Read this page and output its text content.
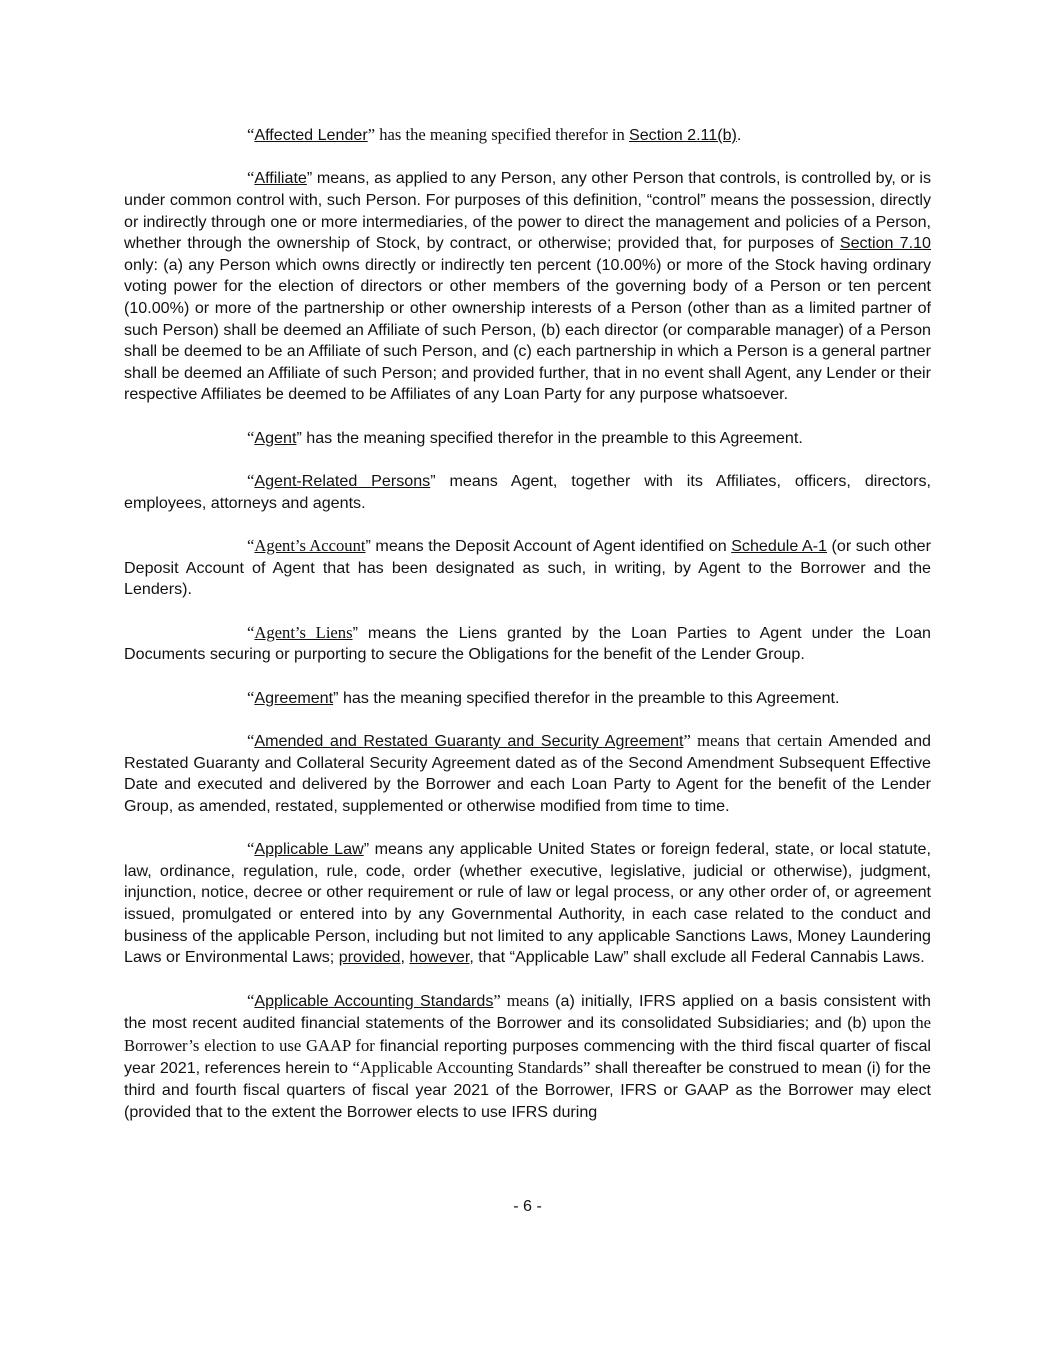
“Affected Lender” has the meaning specified therefor in Section 2.11(b).

“Affiliate” means, as applied to any Person, any other Person that controls, is controlled by, or is under common control with, such Person. For purposes of this definition, “control” means the possession, directly or indirectly through one or more intermediaries, of the power to direct the management and policies of a Person, whether through the ownership of Stock, by contract, or otherwise; provided that, for purposes of Section 7.10 only: (a) any Person which owns directly or indirectly ten percent (10.00%) or more of the Stock having ordinary voting power for the election of directors or other members of the governing body of a Person or ten percent (10.00%) or more of the partnership or other ownership interests of a Person (other than as a limited partner of such Person) shall be deemed an Affiliate of such Person, (b) each director (or comparable manager) of a Person shall be deemed to be an Affiliate of such Person, and (c) each partnership in which a Person is a general partner shall be deemed an Affiliate of such Person; and provided further, that in no event shall Agent, any Lender or their respective Affiliates be deemed to be Affiliates of any Loan Party for any purpose whatsoever.

“Agent” has the meaning specified therefor in the preamble to this Agreement.

“Agent-Related Persons” means Agent, together with its Affiliates, officers, directors, employees, attorneys and agents.

“Agent’s Account” means the Deposit Account of Agent identified on Schedule A-1 (or such other Deposit Account of Agent that has been designated as such, in writing, by Agent to the Borrower and the Lenders).

“Agent’s Liens” means the Liens granted by the Loan Parties to Agent under the Loan Documents securing or purporting to secure the Obligations for the benefit of the Lender Group.

“Agreement” has the meaning specified therefor in the preamble to this Agreement.

“Amended and Restated Guaranty and Security Agreement” means that certain Amended and Restated Guaranty and Collateral Security Agreement dated as of the Second Amendment Subsequent Effective Date and executed and delivered by the Borrower and each Loan Party to Agent for the benefit of the Lender Group, as amended, restated, supplemented or otherwise modified from time to time.

“Applicable Law” means any applicable United States or foreign federal, state, or local statute, law, ordinance, regulation, rule, code, order (whether executive, legislative, judicial or otherwise), judgment, injunction, notice, decree or other requirement or rule of law or legal process, or any other order of, or agreement issued, promulgated or entered into by any Governmental Authority, in each case related to the conduct and business of the applicable Person, including but not limited to any applicable Sanctions Laws, Money Laundering Laws or Environmental Laws; provided, however, that “Applicable Law” shall exclude all Federal Cannabis Laws.

“Applicable Accounting Standards” means (a) initially, IFRS applied on a basis consistent with the most recent audited financial statements of the Borrower and its consolidated Subsidiaries; and (b) upon the Borrower’s election to use GAAP for financial reporting purposes commencing with the third fiscal quarter of fiscal year 2021, references herein to “Applicable Accounting Standards” shall thereafter be construed to mean (i) for the third and fourth fiscal quarters of fiscal year 2021 of the Borrower, IFRS or GAAP as the Borrower may elect (provided that to the extent the Borrower elects to use IFRS during

- 6 -
